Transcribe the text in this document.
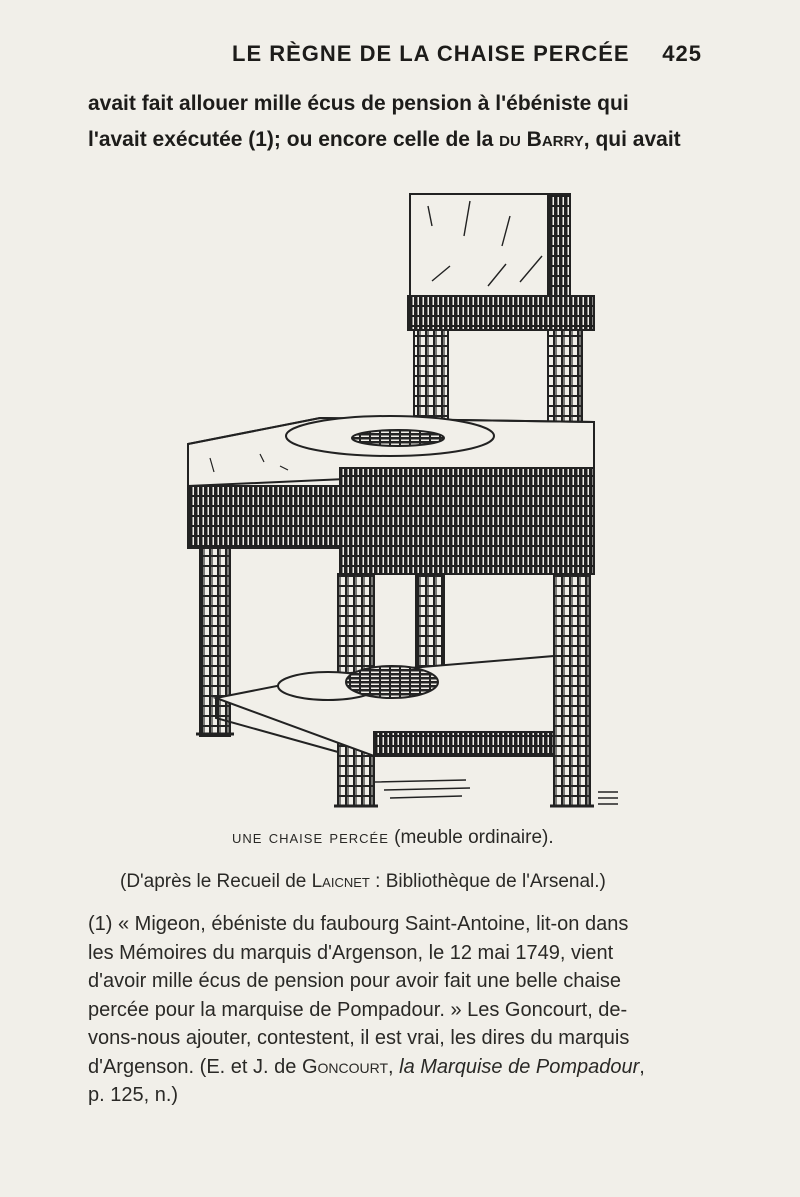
LE RÈGNE DE LA CHAISE PERCÉE 425
avait fait allouer mille écus de pension à l'ébéniste qui
l'avait exécutée (1); ou encore celle de la du Barry, qui avait
une chaise percée (meuble ordinaire).
(D'après le Recueil de Laicnet : Bibliothèque de l'Arsenal.)
(1) « Migeon, ébéniste du faubourg Saint-Antoine, lit-on dans
les Mémoires du marquis d'Argenson, le 12 mai 1749, vient
d'avoir mille écus de pension pour avoir fait une belle chaise
percée pour la marquise de Pompadour. » Les Goncourt, de-
vons-nous ajouter, contestent, il est vrai, les dires du marquis
d'Argenson. (E. et J. de Goncourt, la Marquise de Pompadour,
p. 125, n.)
